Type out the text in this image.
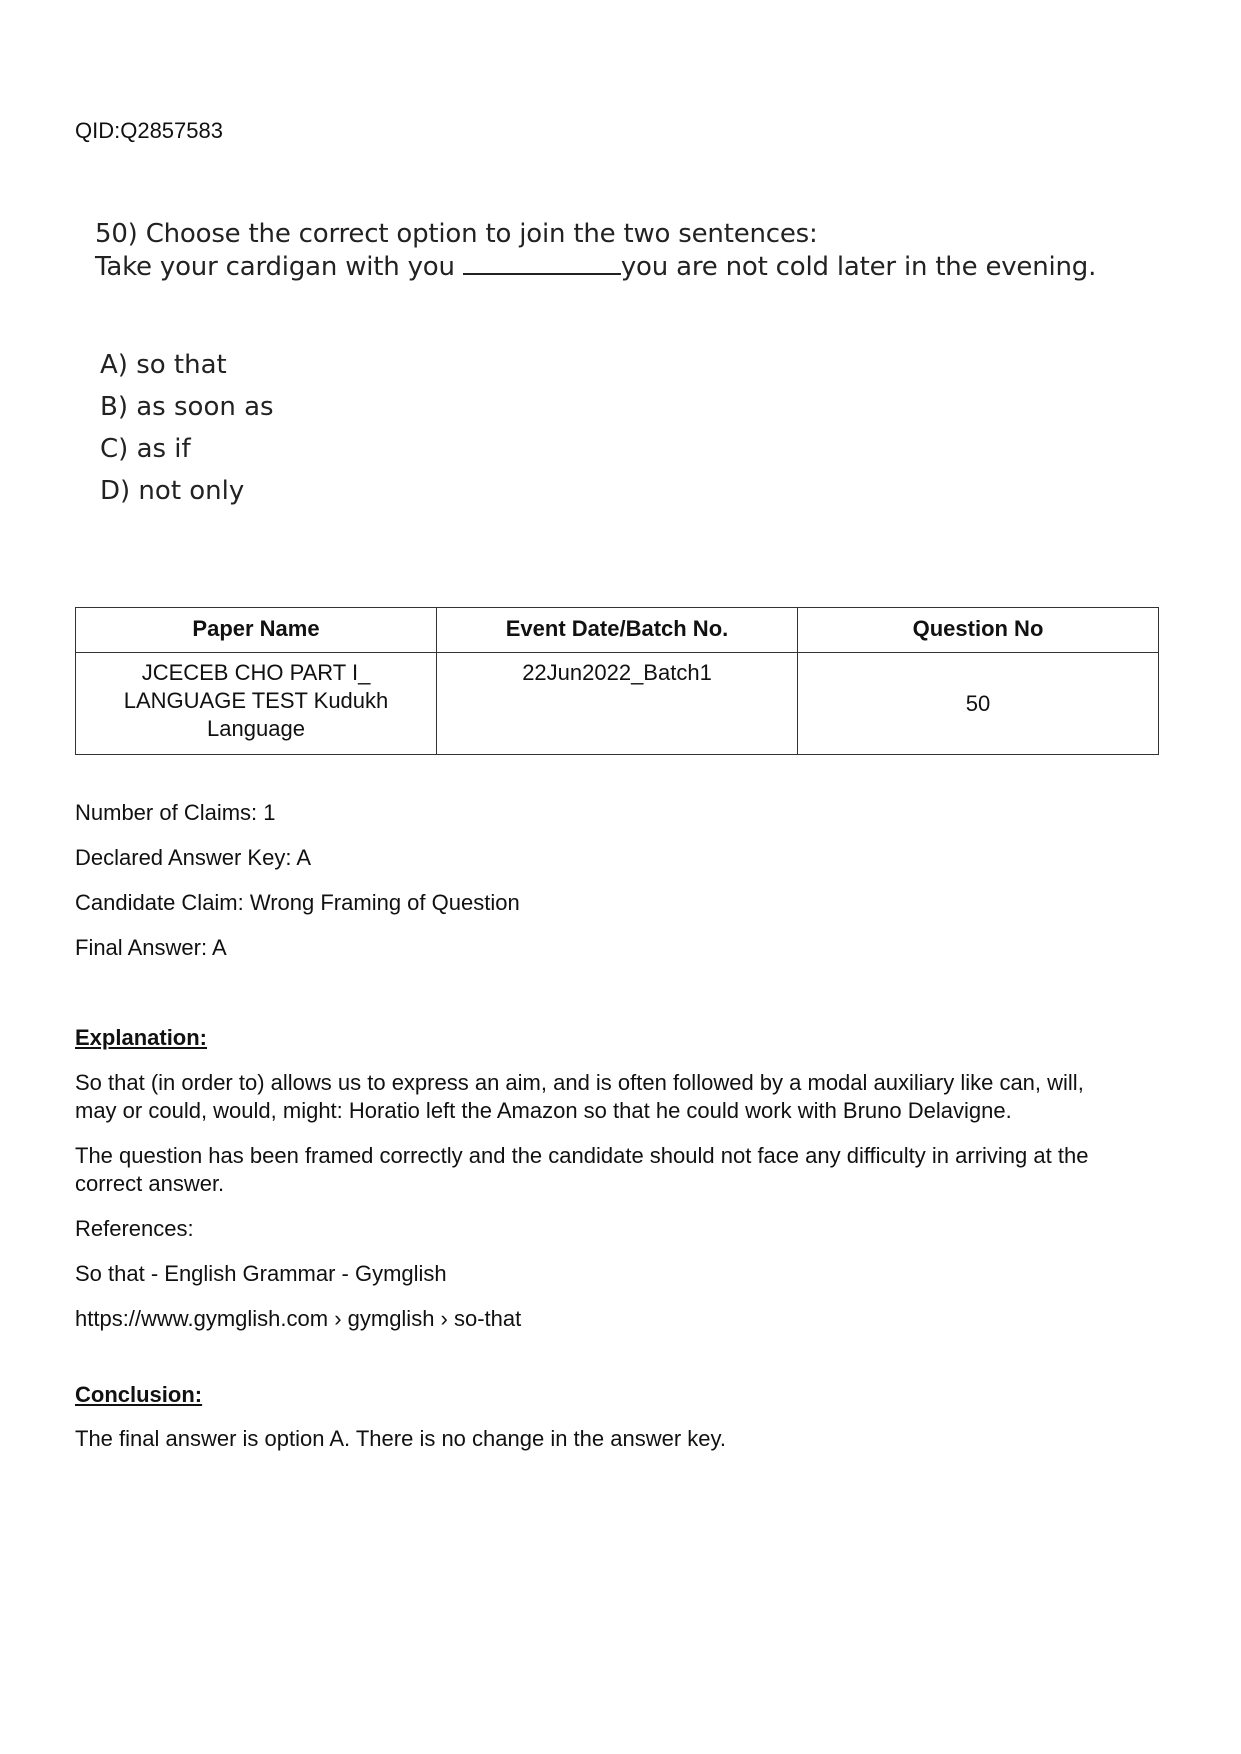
QID:Q2857583
50) Choose the correct option to join the two sentences:
Take your cardigan with you	you are not cold later in the evening.
A) so that
B) as soon as
C) as if
D) not only
Paper Name	Event Date/Batch No.	Question No

JCECEB CHO PART I_
LANGUAGE TEST Kudukh
Language	22Jun2022_Batch1	50
Number of Claims: 1
Declared Answer Key: A
Candidate Claim: Wrong Framing of Question
Final Answer: A
Explanation:
So that (in order to) allows us to express an aim, and is often followed by a modal auxiliary like can, will,
may or could, would, might: Horatio left the Amazon so that he could work with Bruno Delavigne.
The question has been framed correctly and the candidate should not face any difficulty in arriving at the
correct answer.
References:
So that - English Grammar - Gymglish
https://www.gymglish.com › gymglish › so-that
Conclusion:
The final answer is option A. There is no change in the answer key.
